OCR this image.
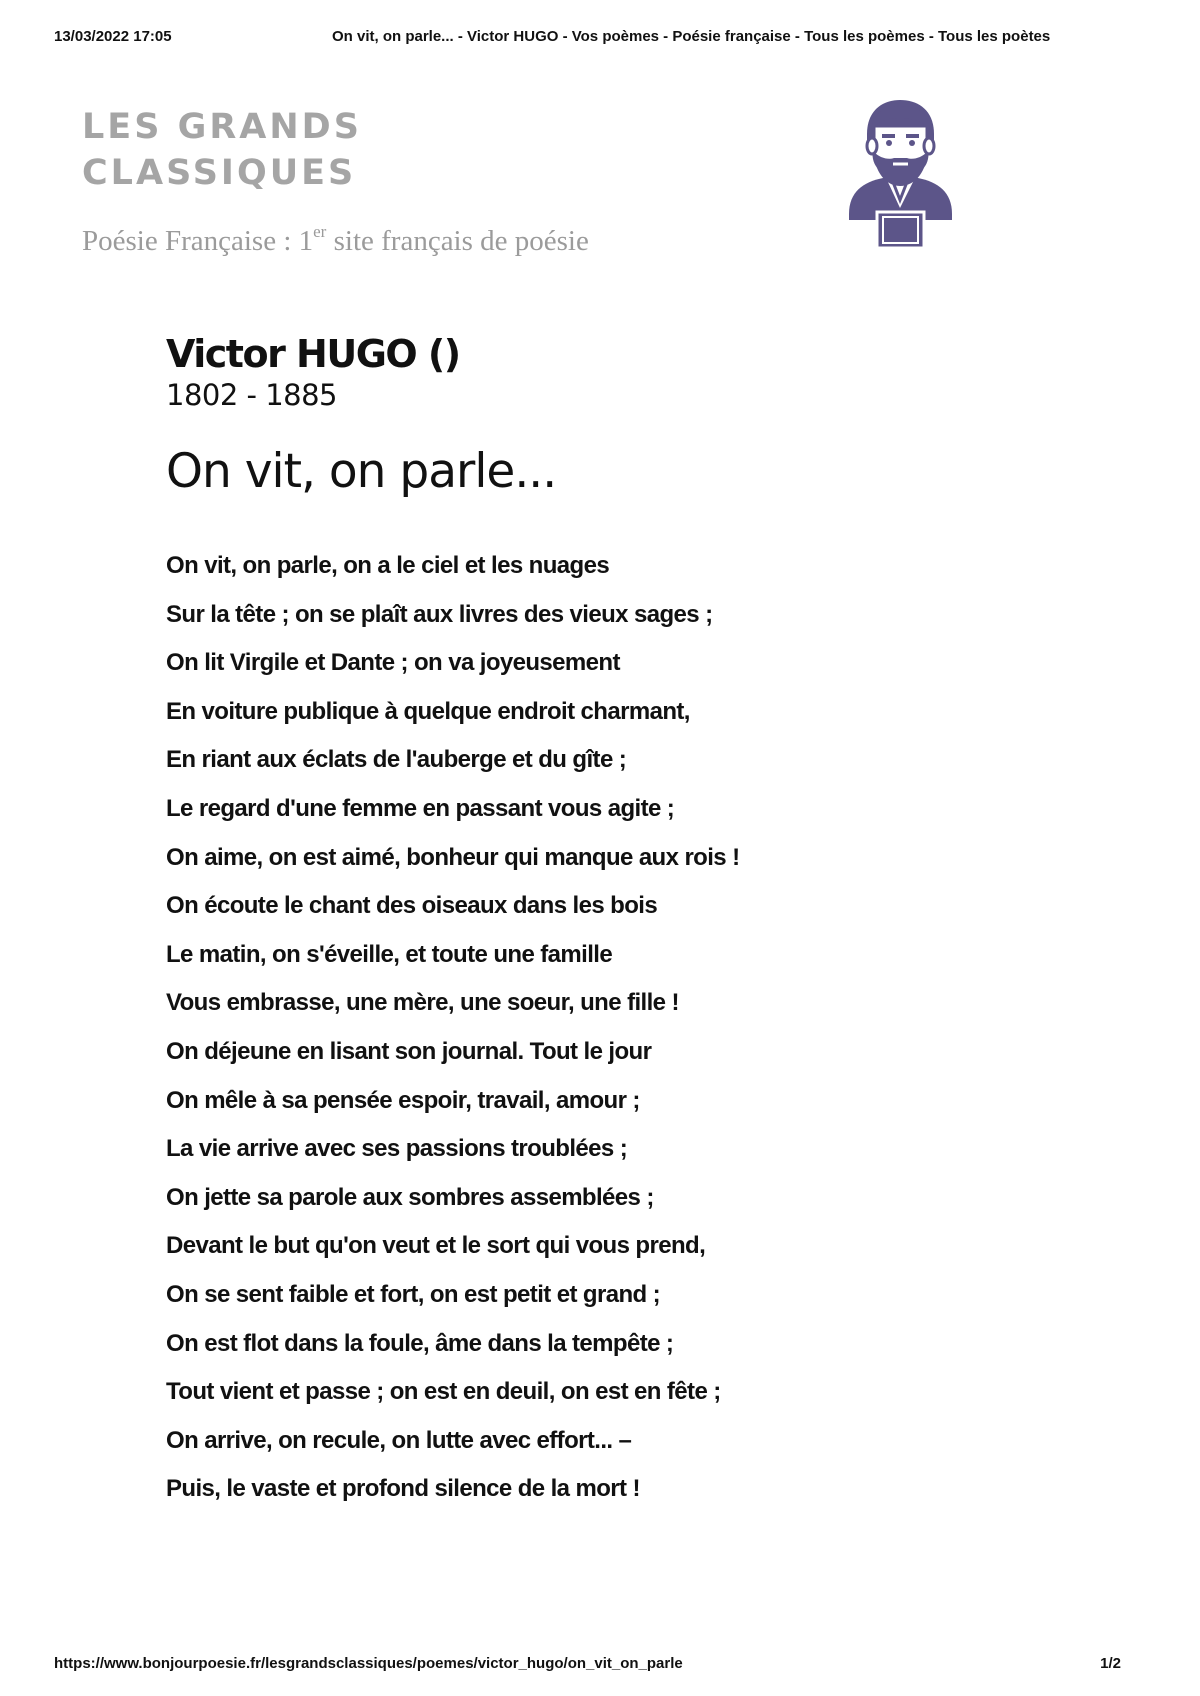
13/03/2022 17:05	On vit, on parle... - Victor HUGO - Vos poèmes - Poésie française - Tous les poèmes - Tous les poètes
LES GRANDS
CLASSIQUES
Poésie Française : 1er site français de poésie
Victor HUGO ()

1802 - 1885

On vit, on parle...
On vit, on parle, on a le ciel et les nuages
Sur la tête ; on se plaît aux livres des vieux sages ;
On lit Virgile et Dante ; on va joyeusement
En voiture publique à quelque endroit charmant,
En riant aux éclats de l'auberge et du gîte ;
Le regard d'une femme en passant vous agite ;
On aime, on est aimé, bonheur qui manque aux rois !
On écoute le chant des oiseaux dans les bois
Le matin, on s'éveille, et toute une famille
Vous embrasse, une mère, une soeur, une fille !
On déjeune en lisant son journal. Tout le jour
On mêle à sa pensée espoir, travail, amour ;
La vie arrive avec ses passions troublées ;
On jette sa parole aux sombres assemblées ;
Devant le but qu'on veut et le sort qui vous prend,
On se sent faible et fort, on est petit et grand ;
On est flot dans la foule, âme dans la tempête ;
Tout vient et passe ; on est en deuil, on est en fête ;
On arrive, on recule, on lutte avec effort... –
Puis, le vaste et profond silence de la mort !
https://www.bonjourpoesie.fr/lesgrandsclassiques/poemes/victor_hugo/on_vit_on_parle	1/2
